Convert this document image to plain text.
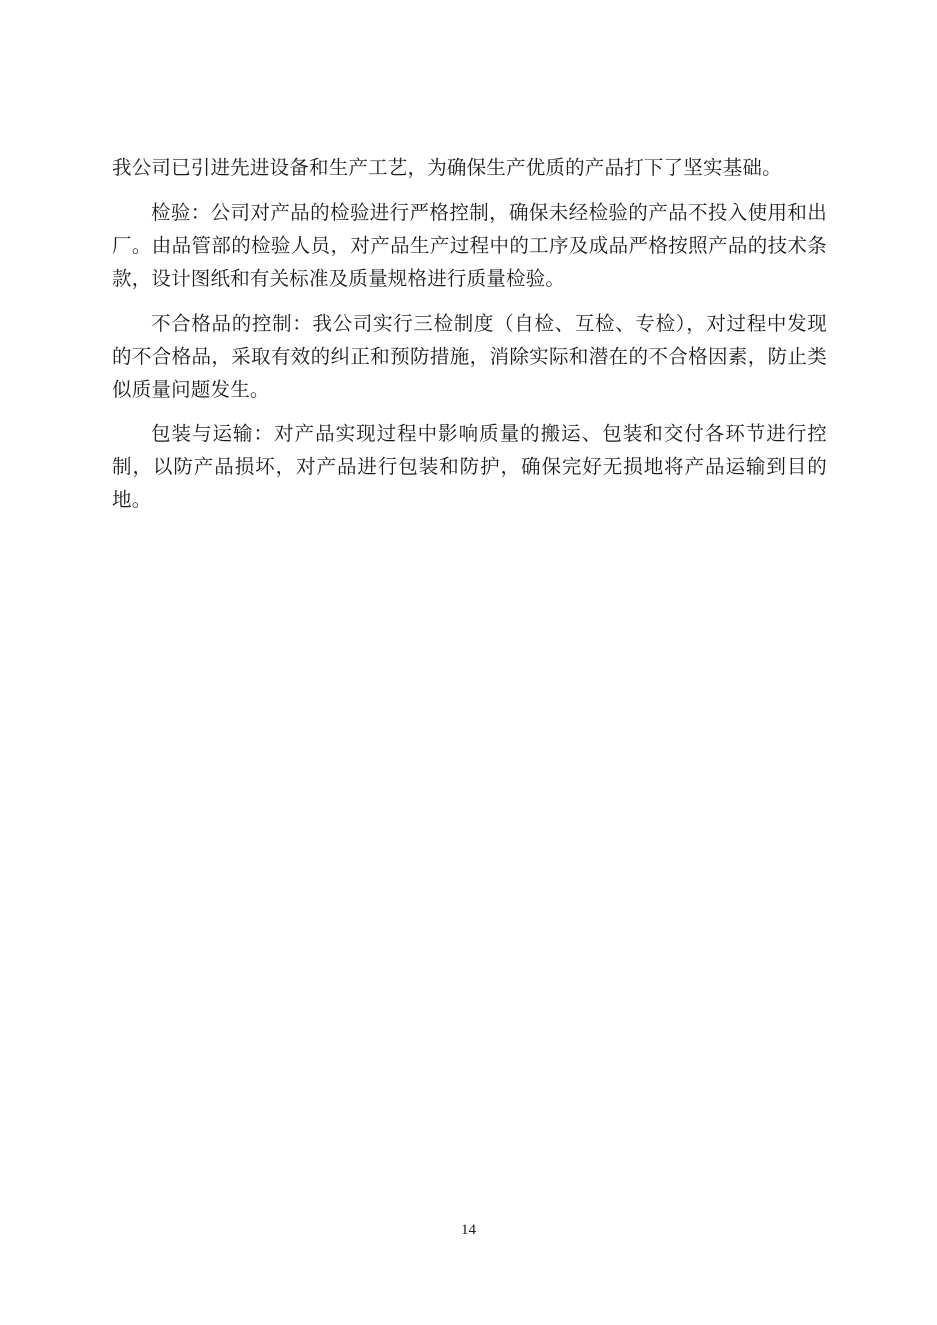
我公司已引进先进设备和生产工艺，为确保生产优质的产品打下了坚实基础。

检验：公司对产品的检验进行严格控制，确保未经检验的产品不投入使用和出厂。由品管部的检验人员，对产品生产过程中的工序及成品严格按照产品的技术条款，设计图纸和有关标准及质量规格进行质量检验。

不合格品的控制：我公司实行三检制度（自检、互检、专检），对过程中发现的不合格品，采取有效的纠正和预防措施，消除实际和潜在的不合格因素，防止类似质量问题发生。

包装与运输：对产品实现过程中影响质量的搬运、包装和交付各环节进行控制，以防产品损坏，对产品进行包装和防护，确保完好无损地将产品运输到目的地。

14
